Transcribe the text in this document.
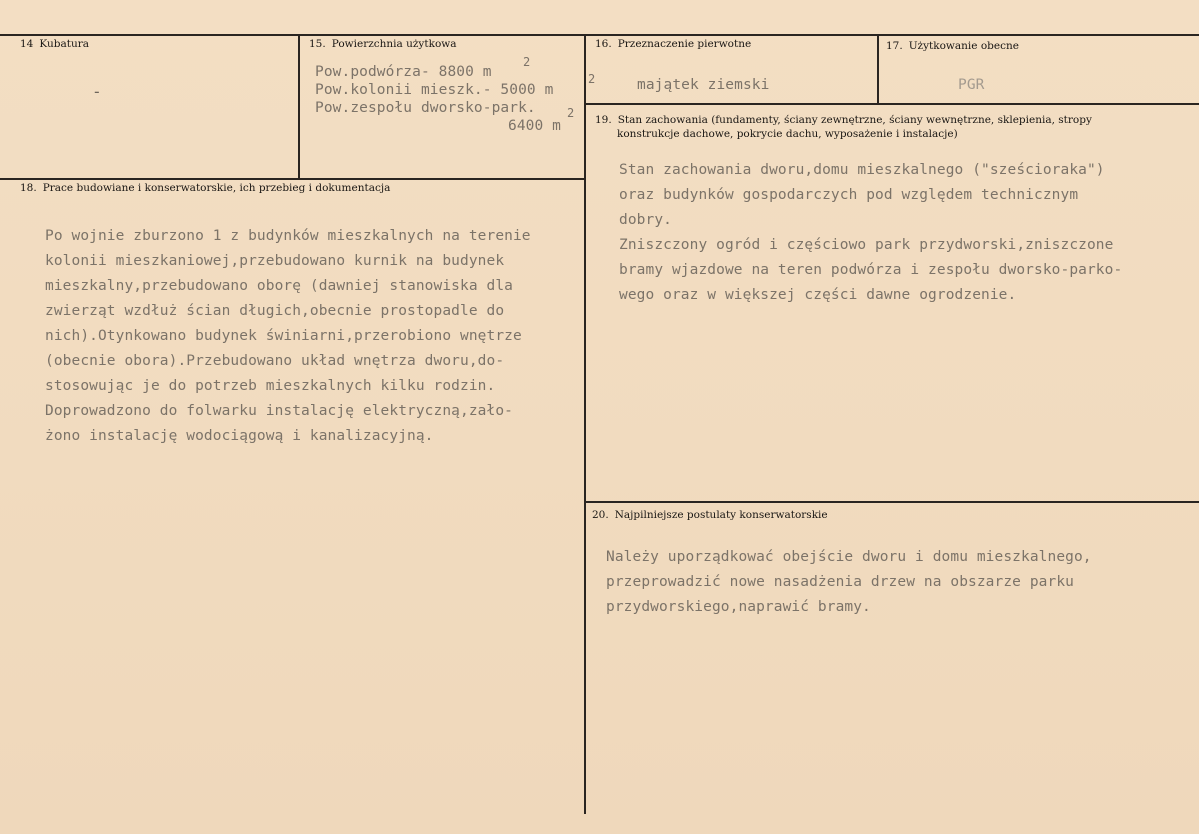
14 Kubatura
-
15. Powierzchnia użytkowa
Pow.podwórza- 8800 m
2
Pow.kolonii mieszk.- 5000 m
2
Pow.zespołu dworsko-park.
6400 m
2
16. Przeznaczenie pierwotne
majątek ziemski
17. Użytkowanie obecne
PGR
19. Stan zachowania (fundamenty, ściany zewnętrzne, ściany wewnętrzne, sklepienia, stropy
konstrukcje dachowe, pokrycie dachu, wyposażenie i instalacje)
Stan zachowania dworu,domu mieszkalnego ("sześcioraka")
oraz budynków gospodarczych pod względem technicznym
dobry.
Zniszczony ogród i częściowo park przydworski,zniszczone
bramy wjazdowe na teren podwórza i zespołu dworsko-parko-
wego oraz w większej części dawne ogrodzenie.
18. Prace budowiane i konserwatorskie, ich przebieg i dokumentacja
Po wojnie zburzono 1 z budynków mieszkalnych na terenie
kolonii mieszkaniowej,przebudowano kurnik na budynek
mieszkalny,przebudowano oborę (dawniej stanowiska dla
zwierząt wzdłuż ścian długich,obecnie prostopadle do
nich).Otynkowano budynek świniarni,przerobiono wnętrze
(obecnie obora).Przebudowano układ wnętrza dworu,do-
stosowując je do potrzeb mieszkalnych kilku rodzin.
Doprowadzono do folwarku instalację elektryczną,zało-
żono instalację wodociągową i kanalizacyjną.
20. Najpilniejsze postulaty konserwatorskie
Należy uporządkować obejście dworu i domu mieszkalnego,
przeprowadzić nowe nasadżenia drzew na obszarze parku
przydworskiego,naprawić bramy.
